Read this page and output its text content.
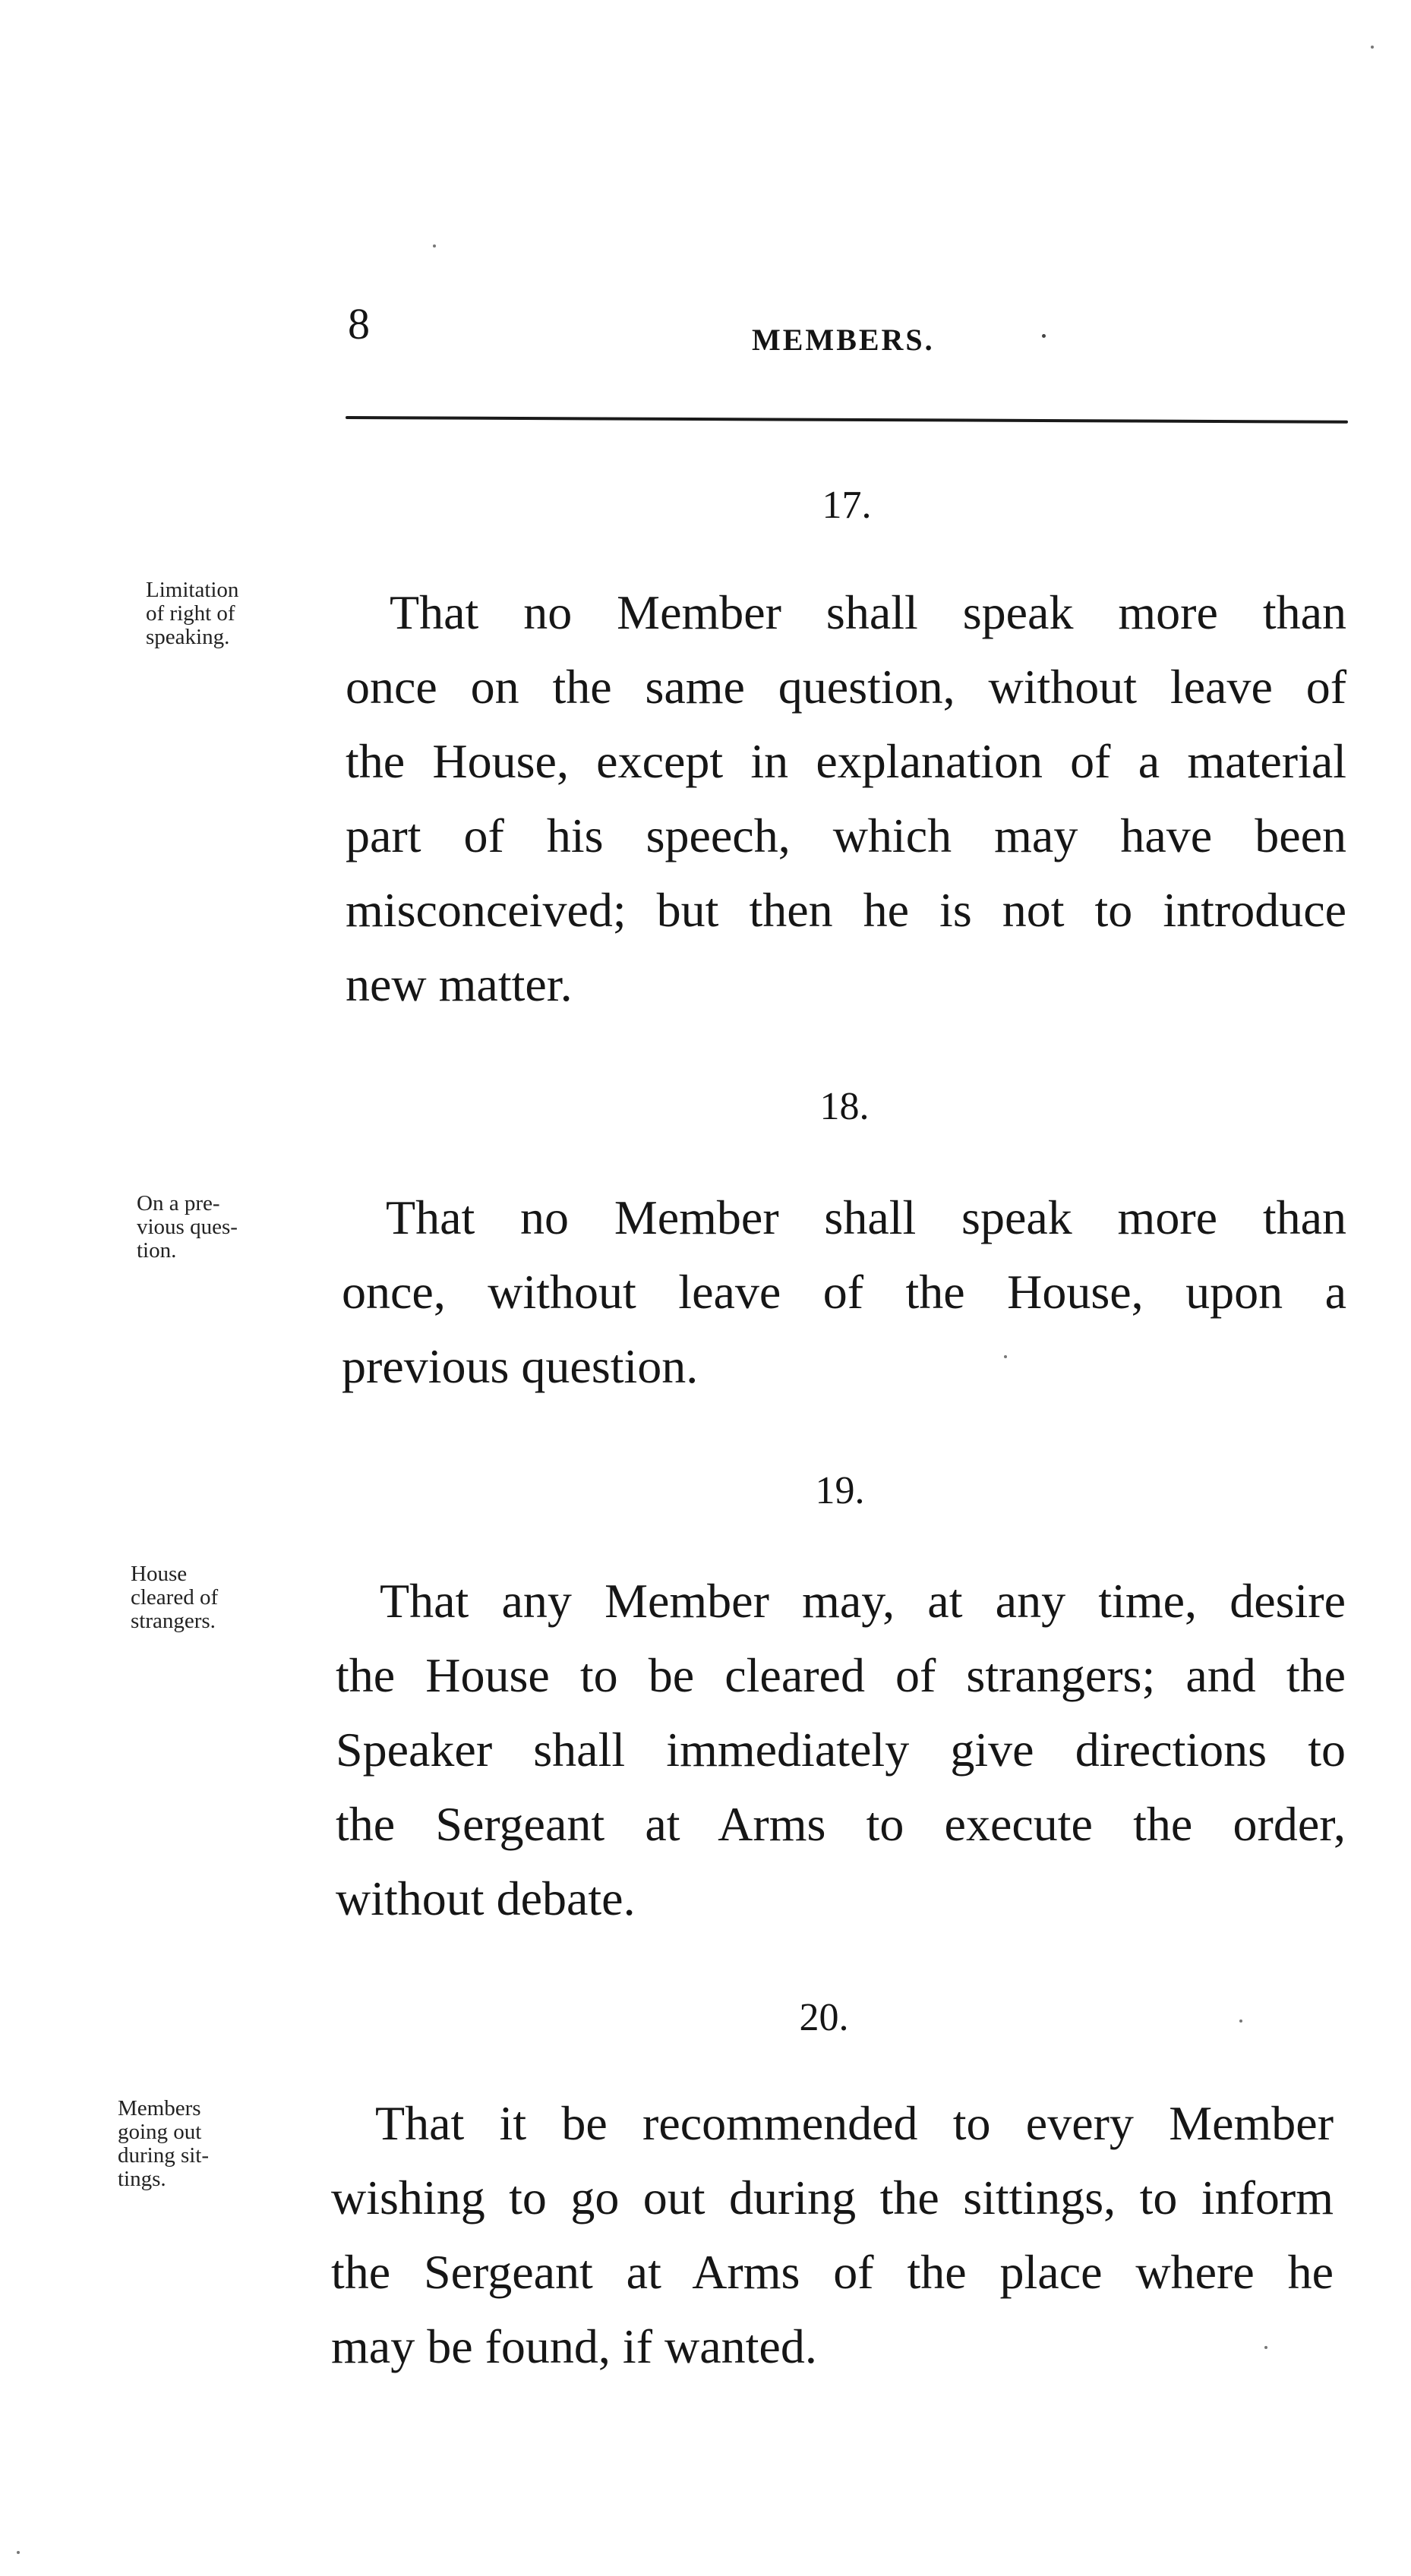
8	MEMBERS.
17.
Limitation
of right of
speaking.	That no Member shall speak more than
once on the same question, without leave of
the House, except in explanation of a material
part of his speech, which may have been
misconceived; but then he is not to introduce
new matter.
18.
On a pre-
vious ques-
tion.
That no Member shall speak more than
once, without leave of the House, upon a
previous question.
19.
House
cleared of
strangers.	That any Member may, at any time, desire
the House to be cleared of strangers; and the
Speaker shall immediately give directions to
the Sergeant at Arms to execute the order,
without debate.
20.
Members
going out
during sit-
tings.
That it be recommended to every Member
wishing to go out during the sittings, to inform
the Sergeant at Arms of the place where he
may be found, if wanted.
